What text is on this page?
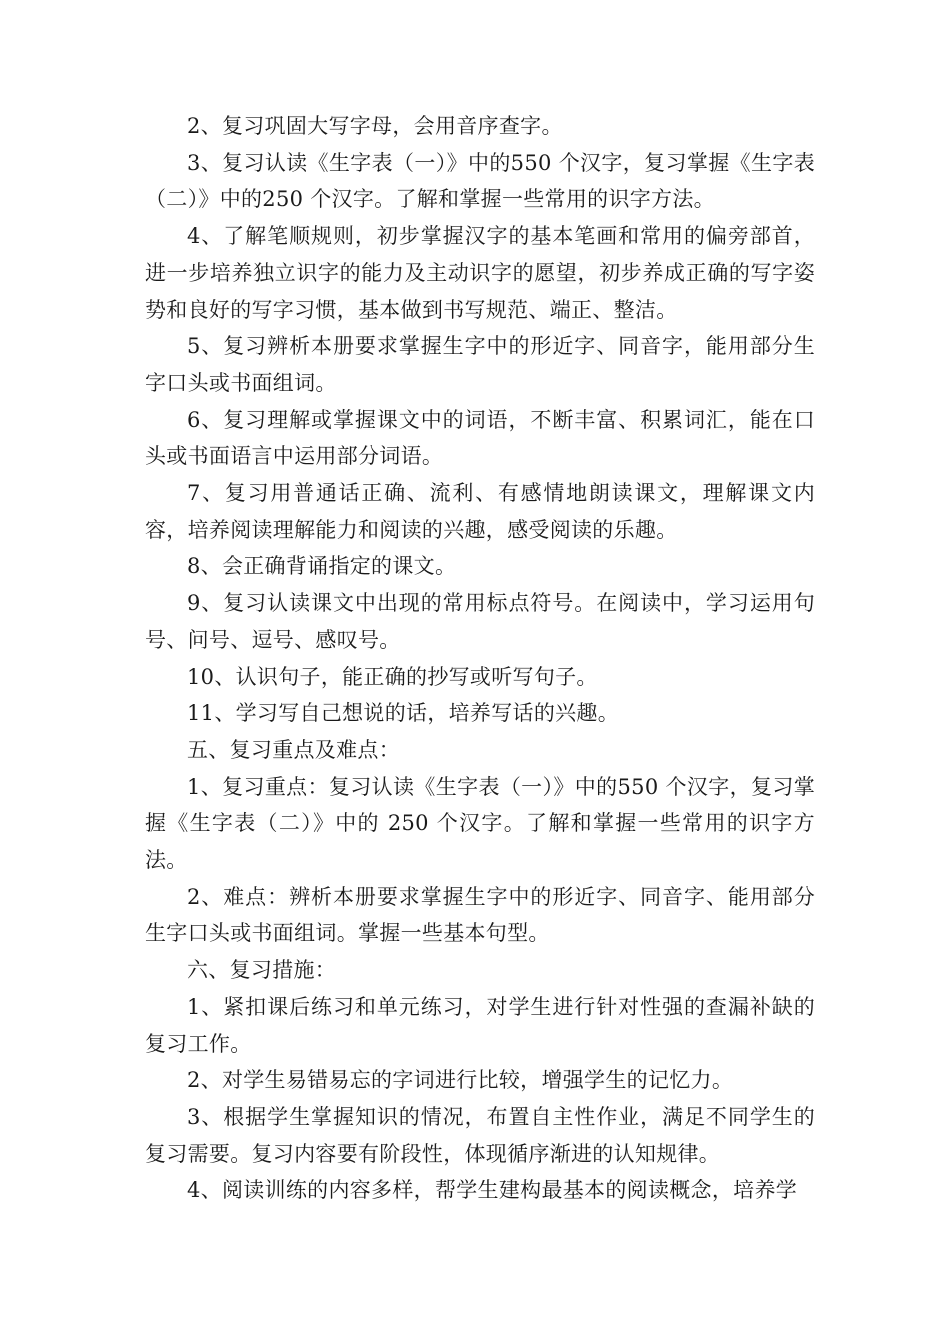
2、复习巩固大写字母，会用音序查字。

3、复习认读《生字表（一）》中的550 个汉字，复习掌握《生字表（二）》中的250 个汉字。了解和掌握一些常用的识字方法。

4、了解笔顺规则，初步掌握汉字的基本笔画和常用的偏旁部首，进一步培养独立识字的能力及主动识字的愿望，初步养成正确的写字姿势和良好的写字习惯，基本做到书写规范、端正、整洁。

5、复习辨析本册要求掌握生字中的形近字、同音字，能用部分生字口头或书面组词。

6、复习理解或掌握课文中的词语，不断丰富、积累词汇，能在口头或书面语言中运用部分词语。

7、复习用普通话正确、流利、有感情地朗读课文，理解课文内容，培养阅读理解能力和阅读的兴趣，感受阅读的乐趣。

8、会正确背诵指定的课文。

9、复习认读课文中出现的常用标点符号。在阅读中，学习运用句号、问号、逗号、感叹号。

10、认识句子，能正确的抄写或听写句子。

11、学习写自己想说的话，培养写话的兴趣。

五、复习重点及难点：

1、复习重点：复习认读《生字表（一）》中的550 个汉字，复习掌握《生字表（二）》中的 250 个汉字。了解和掌握一些常用的识字方法。

2、难点：辨析本册要求掌握生字中的形近字、同音字、能用部分生字口头或书面组词。掌握一些基本句型。

六、复习措施：

1、紧扣课后练习和单元练习，对学生进行针对性强的查漏补缺的复习工作。

2、对学生易错易忘的字词进行比较，增强学生的记忆力。

3、根据学生掌握知识的情况，布置自主性作业，满足不同学生的复习需要。复习内容要有阶段性，体现循序渐进的认知规律。

4、阅读训练的内容多样，帮学生建构最基本的阅读概念，培养学
